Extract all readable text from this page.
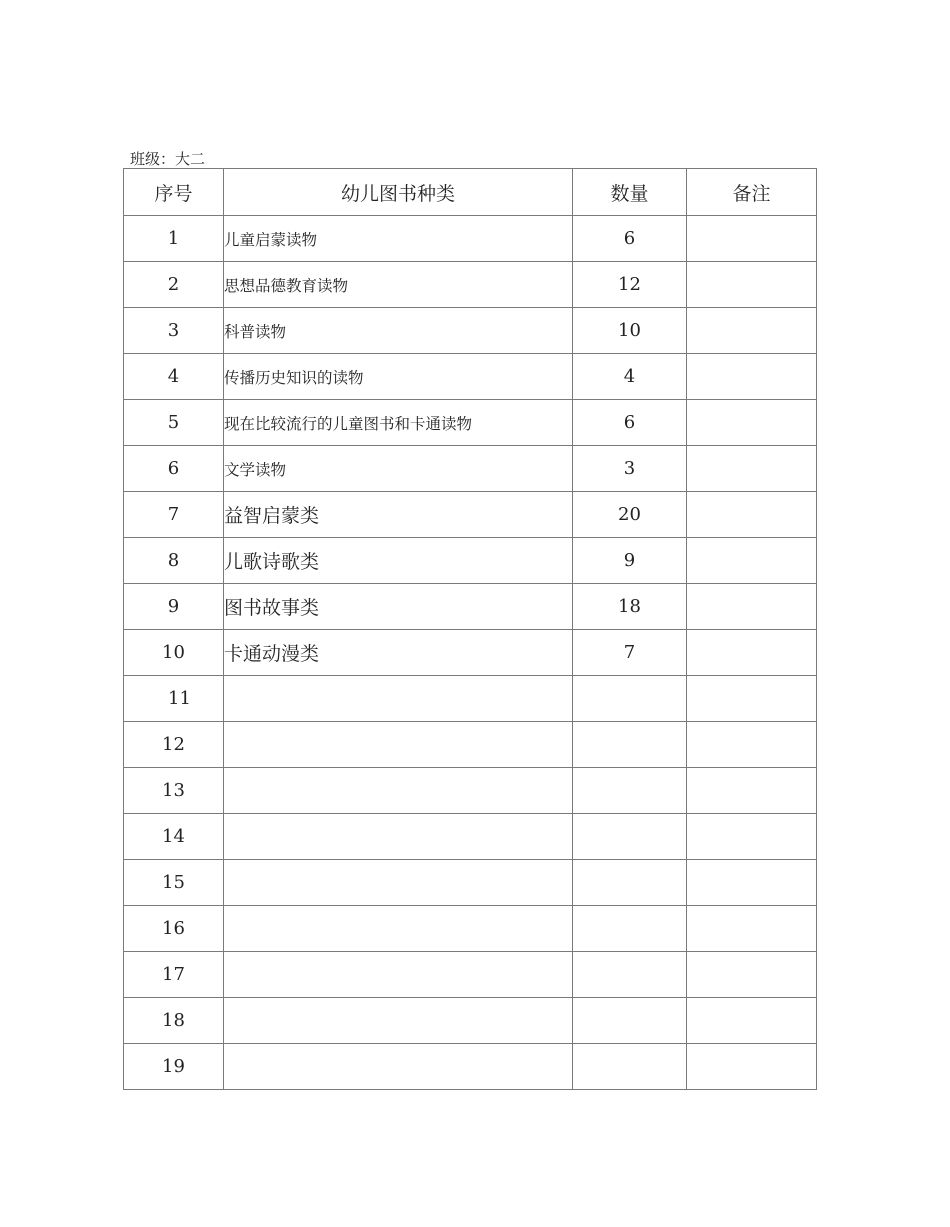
班级：大二
序号	幼儿图书种类	数量	备注
1	儿童启蒙读物	6	
2	思想品德教育读物	12	
3	科普读物	10	
4	传播历史知识的读物	4	
5	现在比较流行的儿童图书和卡通读物	6	
6	文学读物	3	
7	益智启蒙类	20	
8	儿歌诗歌类	9	
9	图书故事类	18	
10	卡通动漫类	7	
11			
12			
13			
14			
15			
16			
17			
18			
19			
